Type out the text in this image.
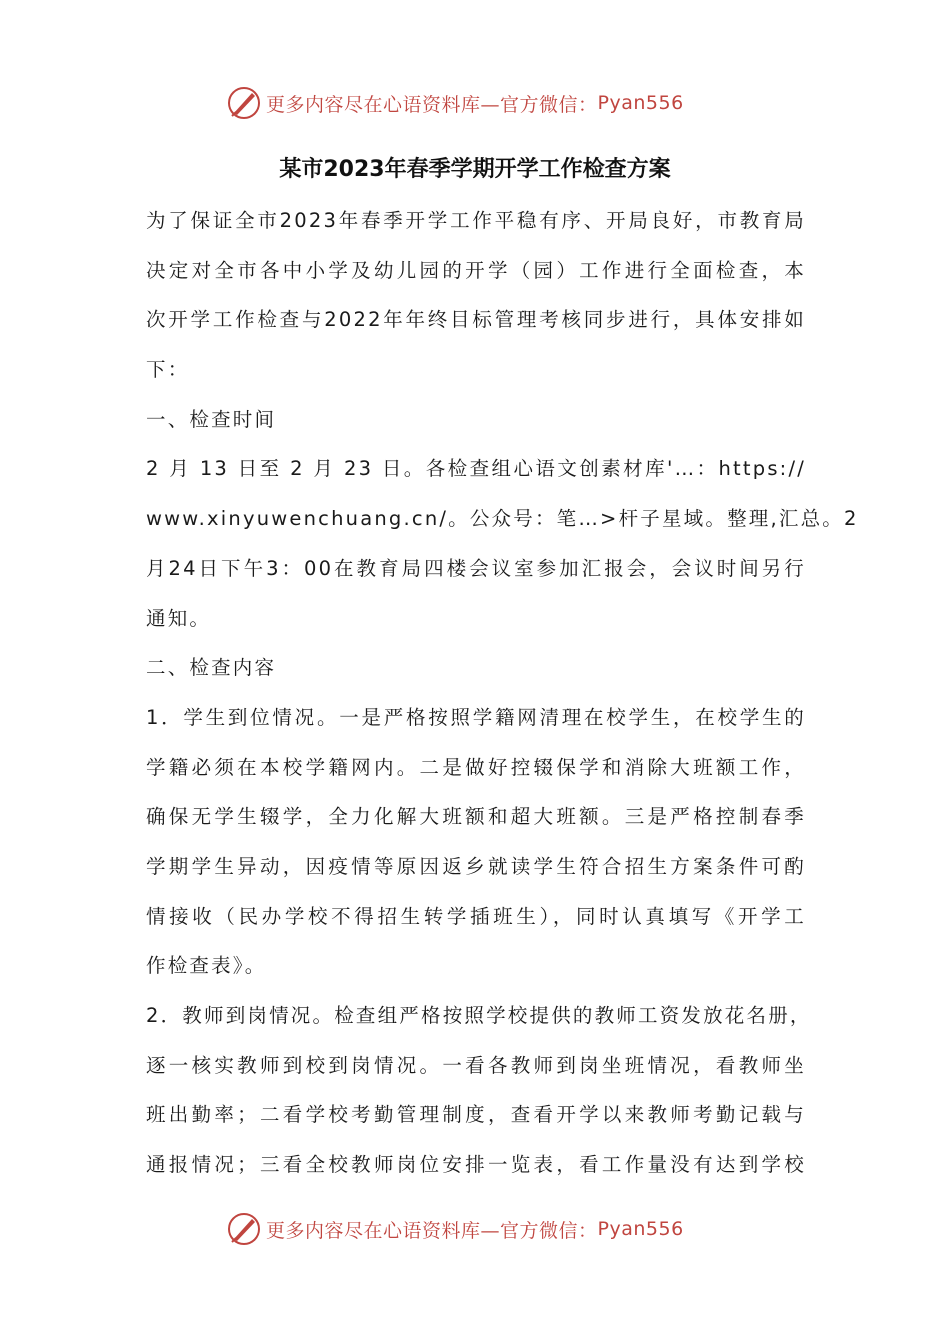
更多内容尽在心语资料库—官方微信： Pyan556
某市2023年春季学期开学工作检查方案
为了保证全市2023年春季开学工作平稳有序、开局良好，市教育局
决定对全市各中小学及幼儿园的开学（园）工作进行全面检查，本
次开学工作检查与2022年年终目标管理考核同步进行，具体安排如
下：
一、检查时间
2 月 13 日至 2 月 23 日。各检查组心语文创素材库'…：https://
www.xinyuwenchuang.cn/。公众号：笔…>杆子星域。整理,汇总。2
月24日下午3：00在教育局四楼会议室参加汇报会，会议时间另行
通知。
二、检查内容
1．学生到位情况。一是严格按照学籍网清理在校学生，在校学生的
学籍必须在本校学籍网内。二是做好控辍保学和消除大班额工作，
确保无学生辍学，全力化解大班额和超大班额。三是严格控制春季
学期学生异动，因疫情等原因返乡就读学生符合招生方案条件可酌
情接收（民办学校不得招生转学插班生），同时认真填写《开学工
作检查表》。
2．教师到岗情况。检查组严格按照学校提供的教师工资发放花名册，
逐一核实教师到校到岗情况。一看各教师到岗坐班情况，看教师坐
班出勤率；二看学校考勤管理制度，查看开学以来教师考勤记载与
通报情况；三看全校教师岗位安排一览表，看工作量没有达到学校
更多内容尽在心语资料库—官方微信： Pyan556
